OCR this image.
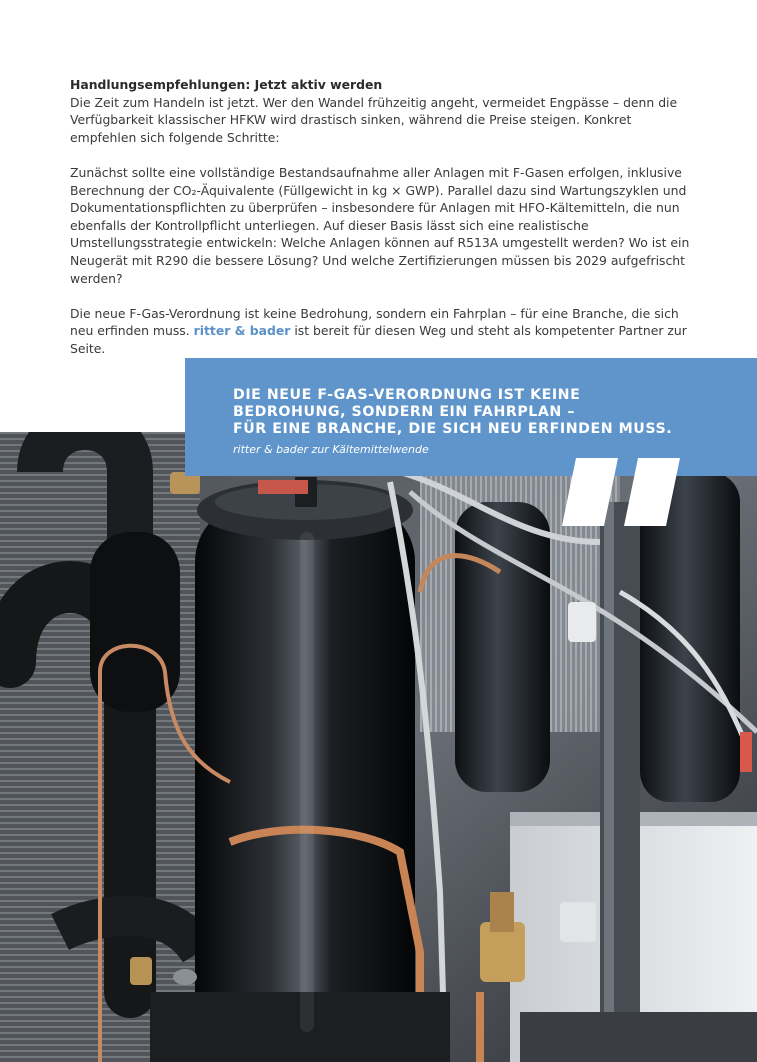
Handlungsempfehlungen: Jetzt aktiv werden
Die Zeit zum Handeln ist jetzt. Wer den Wandel frühzeitig angeht, vermeidet Engpässe – denn die Verfügbarkeit klassischer HFKW wird drastisch sinken, während die Preise steigen. Konkret empfehlen sich folgende Schritte:

Zunächst sollte eine vollständige Bestandsaufnahme aller Anlagen mit F-Gasen erfolgen, inklusive Berechnung der CO₂-Äquivalente (Füllgewicht in kg × GWP). Parallel dazu sind Wartungszyklen und Dokumentationspflichten zu überprüfen – insbesondere für Anlagen mit HFO-Kältemitteln, die nun ebenfalls der Kontrollpflicht unterliegen. Auf dieser Basis lässt sich eine realistische Umstellungsstrategie entwickeln: Welche Anlagen können auf R513A umgestellt werden? Wo ist ein Neugerät mit R290 die bessere Lösung? Und welche Zertifizierungen müssen bis 2029 aufgefrischt werden?

Die neue F-Gas-Verordnung ist keine Bedrohung, sondern ein Fahrplan – für eine Branche, die sich neu erfinden muss. ritter & bader ist bereit für diesen Weg und steht als kompetenter Partner zur Seite.

DIE NEUE F-GAS-VERORDNUNG IST KEINE
BEDROHUNG, SONDERN EIN FAHRPLAN –
FÜR EINE BRANCHE, DIE SICH NEU ERFINDEN MUSS.
ritter & bader zur Kältemittelwende
